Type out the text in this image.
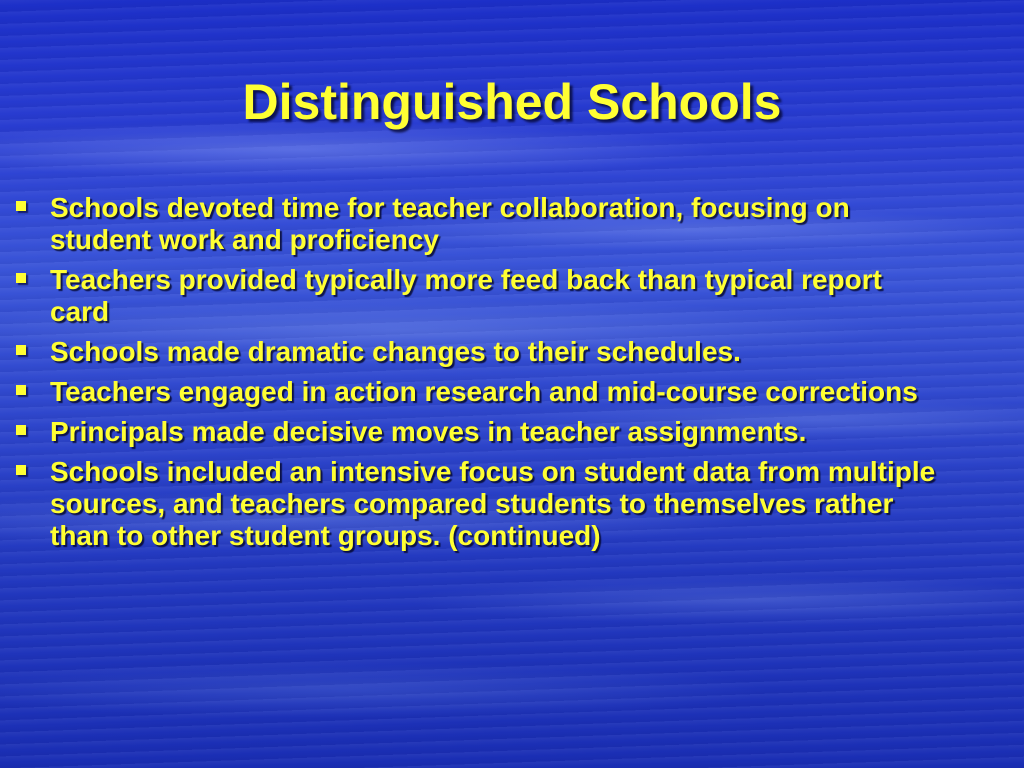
Distinguished Schools
Schools devoted time for teacher collaboration, focusing on student work and proficiency
Teachers provided typically more feed back than typical report card
Schools made dramatic changes to their schedules.
Teachers engaged in action research and mid-course corrections
Principals made decisive moves in teacher assignments.
Schools included an intensive focus on student data from multiple sources, and teachers compared students to themselves rather than to other student groups. (continued)
